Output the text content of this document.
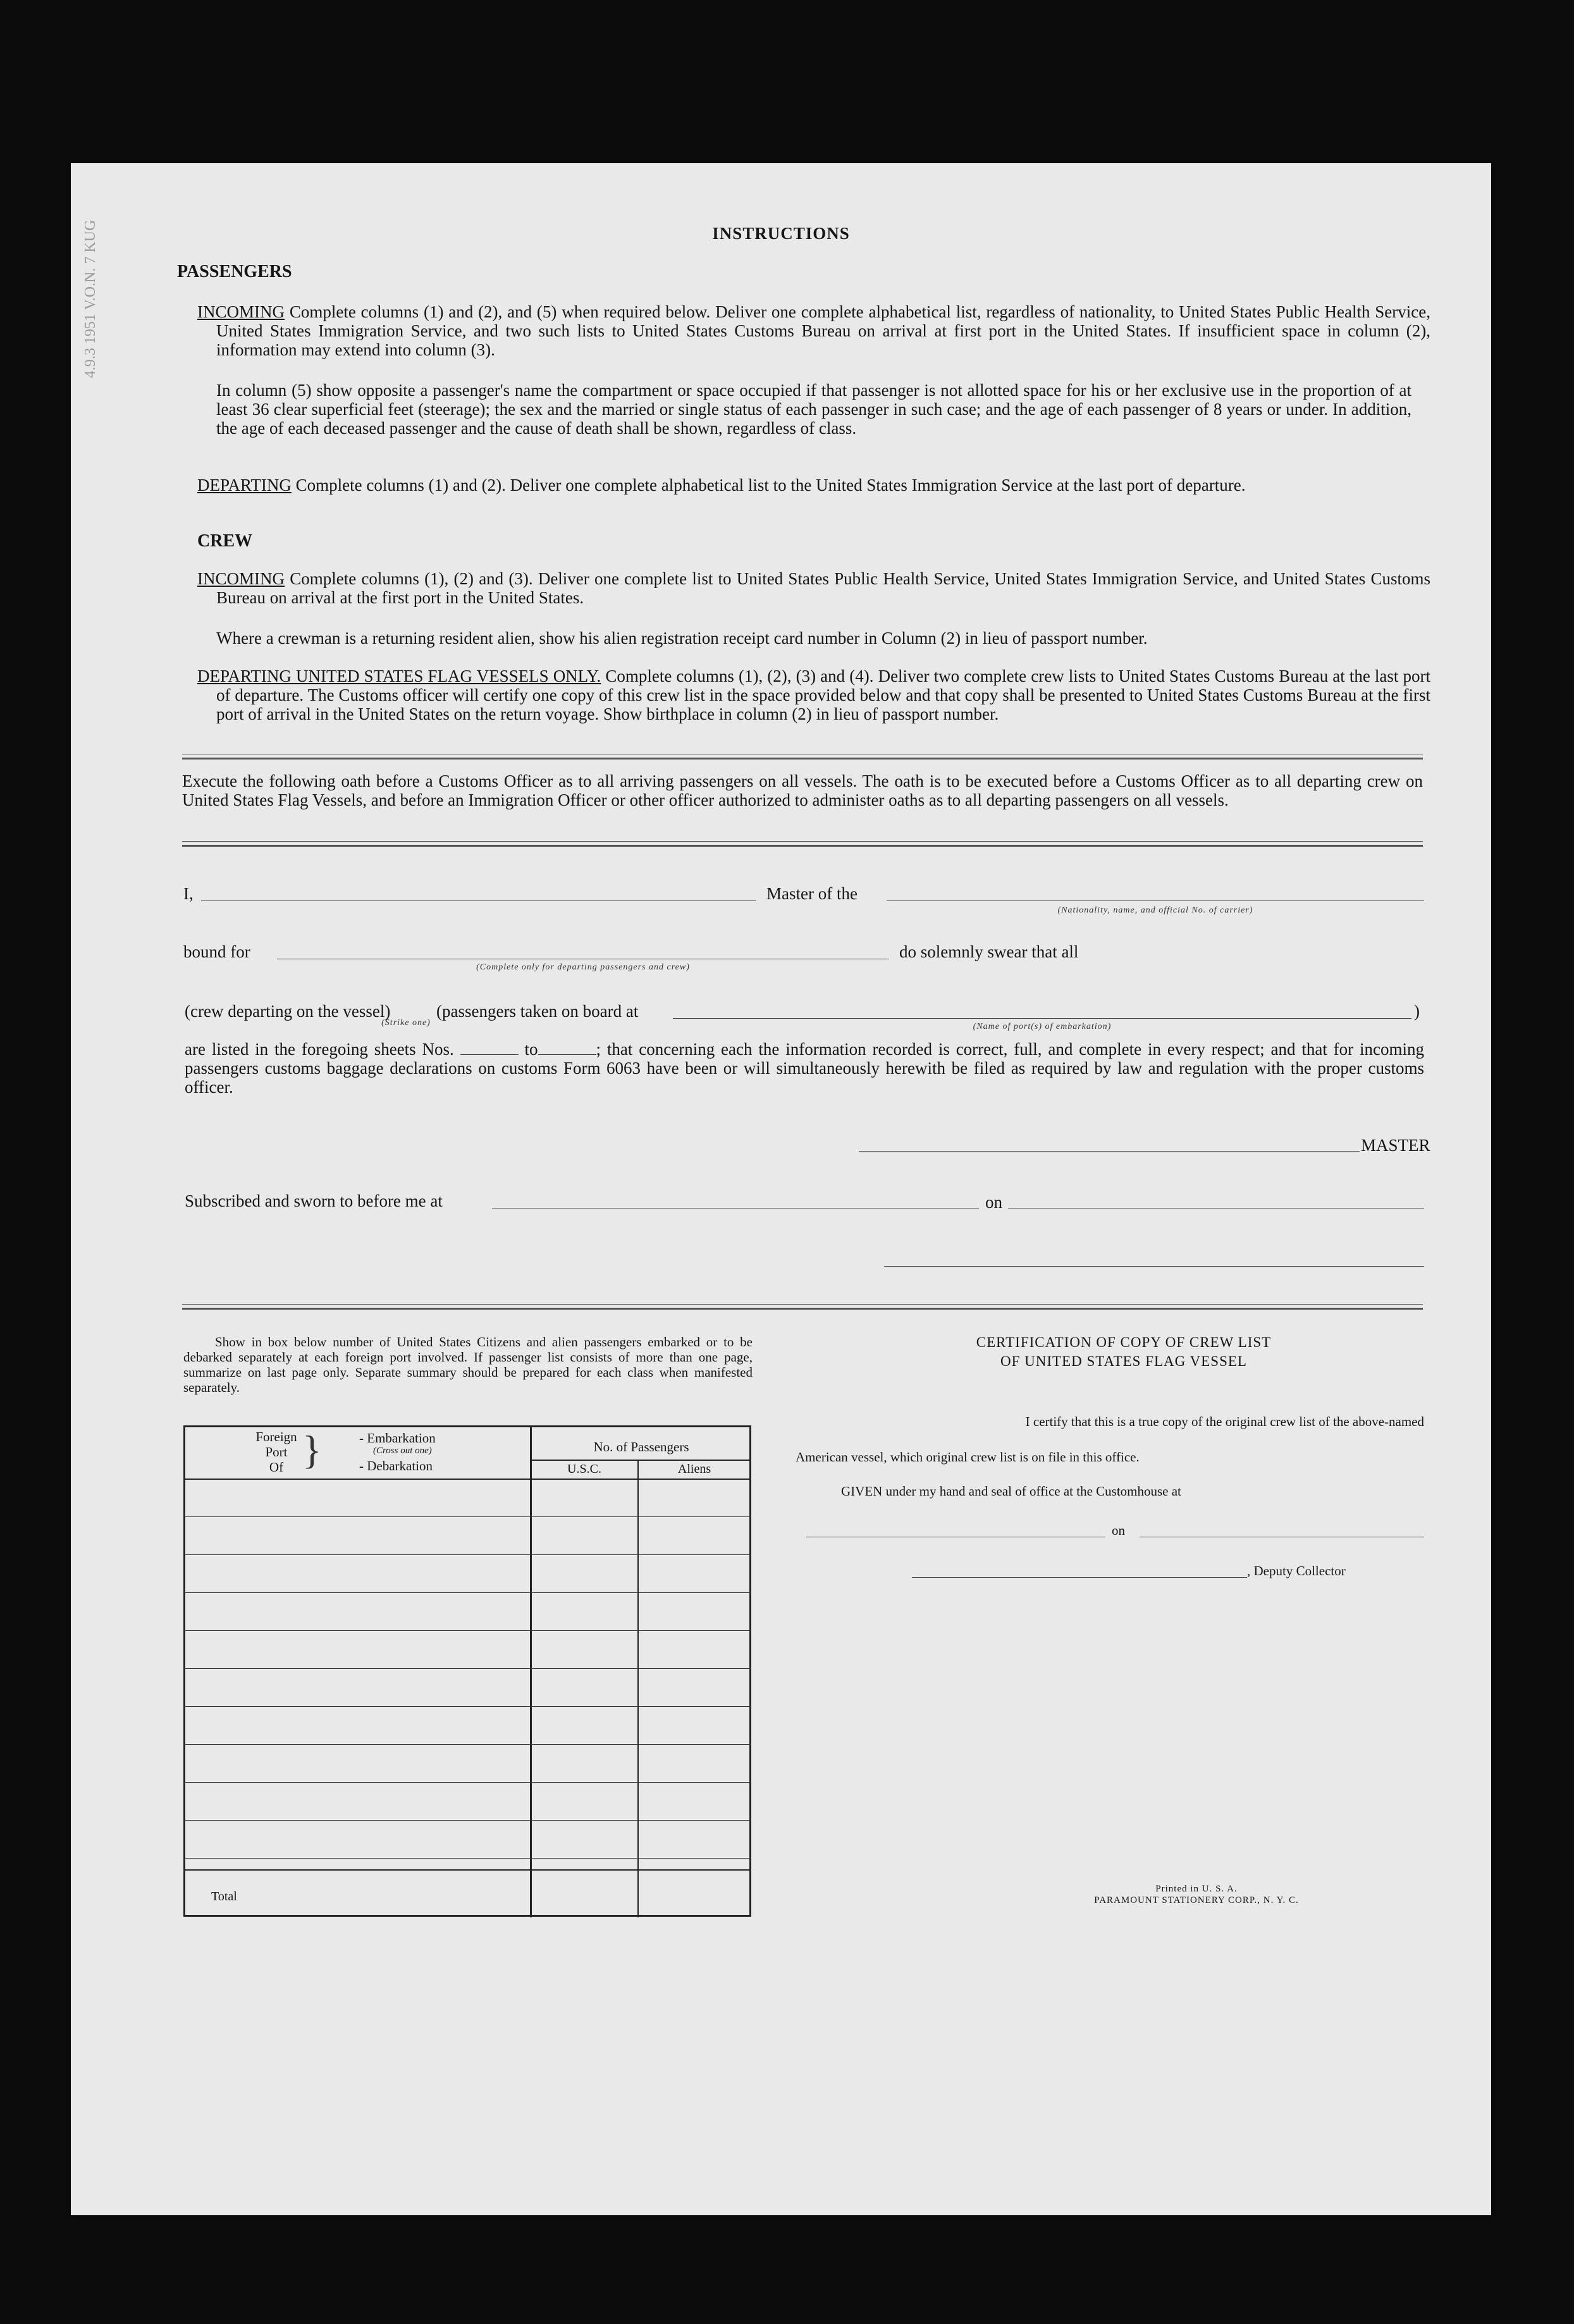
4.9.3 1951 V.O.N. 7 KUG	INSTRUCTIONS
PASSENGERS
INCOMING Complete columns (1) and (2), and (5) when required below. Deliver one complete alphabetical list, regardless of nationality, to United States Public Health Service, United States Immigration Service, and two such lists to United States Customs Bureau on arrival at first port in the United States. If insufficient space in column (2), information may extend into column (3).
In column (5) show opposite a passenger's name the compartment or space occupied if that passenger is not allotted space for his or her exclusive use in the proportion of at least 36 clear superficial feet (steerage); the sex and the married or single status of each passenger in such case; and the age of each passenger of 8 years or under. In addition, the age of each deceased passenger and the cause of death shall be shown, regardless of class.
DEPARTING Complete columns (1) and (2). Deliver one complete alphabetical list to the United States Immigration Service at the last port of departure.
CREW
INCOMING Complete columns (1), (2) and (3). Deliver one complete list to United States Public Health Service, United States Immigration Service, and United States Customs Bureau on arrival at the first port in the United States.
Where a crewman is a returning resident alien, show his alien registration receipt card number in Column (2) in lieu of passport number.
DEPARTING UNITED STATES FLAG VESSELS ONLY. Complete columns (1), (2), (3) and (4). Deliver two complete crew lists to United States Customs Bureau at the last port of departure. The Customs officer will certify one copy of this crew list in the space provided below and that copy shall be presented to United States Customs Bureau at the first port of arrival in the United States on the return voyage. Show birthplace in column (2) in lieu of passport number.
Execute the following oath before a Customs Officer as to all arriving passengers on all vessels. The oath is to be executed before a Customs Officer as to all departing crew on United States Flag Vessels, and before an Immigration Officer or other officer authorized to administer oaths as to all departing passengers on all vessels.
I,	Master of the
(Nationality, name, and official No. of carrier)
bound for
(Complete only for departing passengers and crew)
do solemnly swear that all
(crew departing on the vessel)
(Strike one)
(passengers taken on board at	)
(Name of port(s) of embarkation)
are listed in the foregoing sheets Nos.	to	; that concerning each the information recorded is correct, full, and complete in every respect; and that for incoming passengers customs baggage declarations on customs Form 6063 have been or will simultaneously herewith be filed as required by law and regulation with the proper customs officer.
MASTER
Subscribed and sworn to before me at	on
Show in box below number of United States Citizens and alien passengers embarked or to be debarked separately at each foreign port involved. If passenger list consists of more than one page, summarize on last page only. Separate summary should be prepared for each class when manifested separately.
Foreign
Port
Of }	- Embarkation
(Cross out one)
- Debarkation
No. of Passengers
U.S.C.	Aliens
Total
CERTIFICATION OF COPY OF CREW LIST
OF UNITED STATES FLAG VESSEL
I certify that this is a true copy of the original crew list of the above-named
American vessel, which original crew list is on file in this office.
GIVEN under my hand and seal of office at the Customhouse at
on
, Deputy Collector
Printed in U. S. A.
PARAMOUNT STATIONERY CORP., N. Y. C.
